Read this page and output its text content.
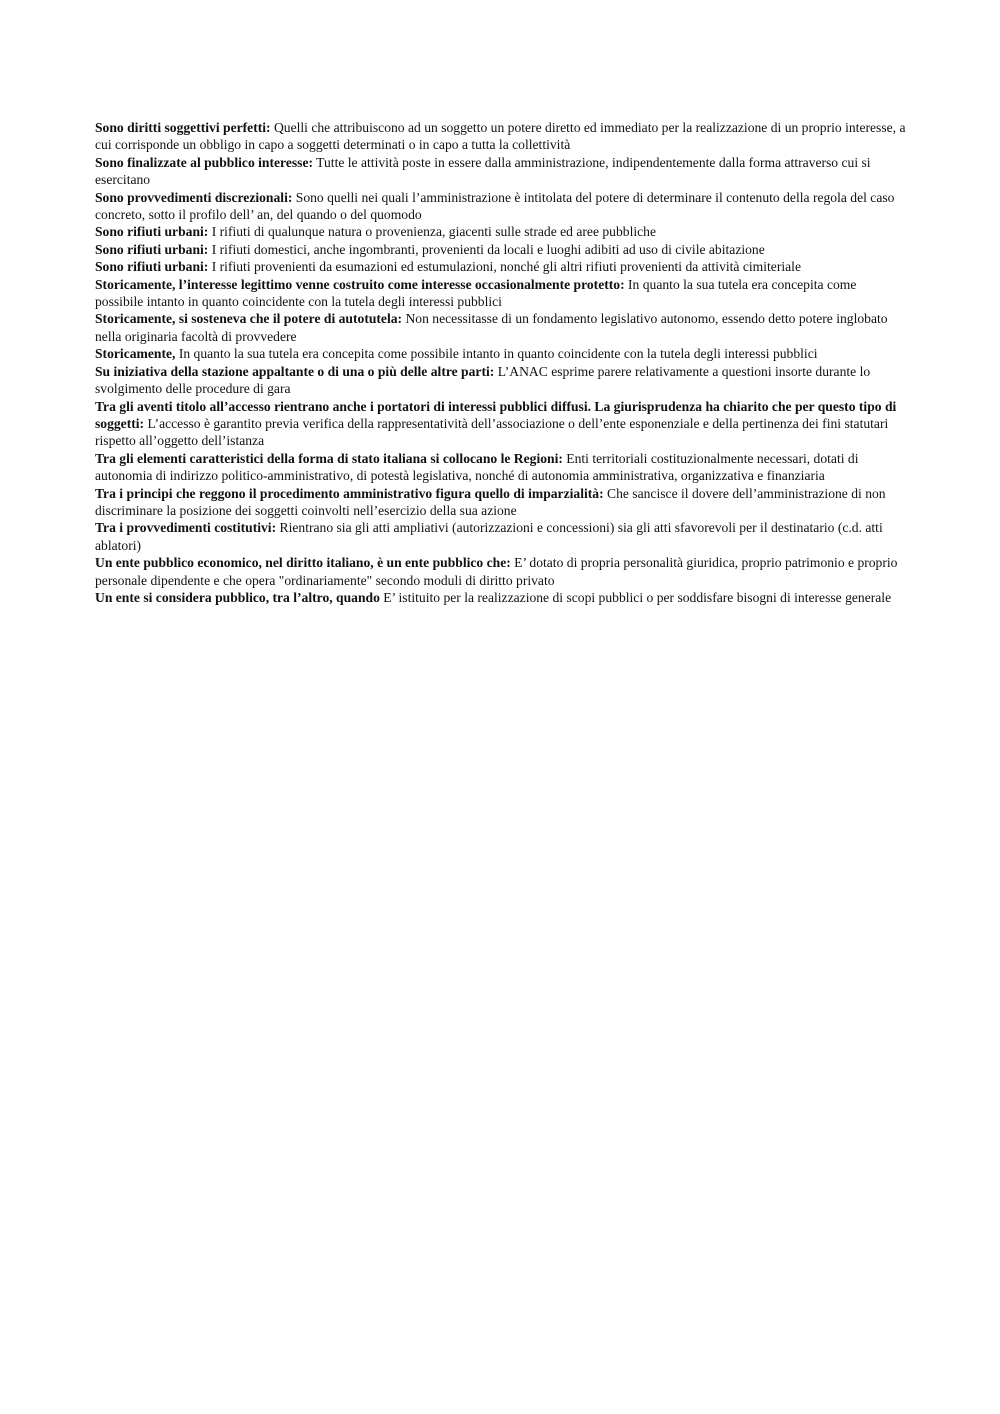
Sono diritti soggettivi perfetti: Quelli che attribuiscono ad un soggetto un potere diretto ed immediato per la realizzazione di un proprio interesse, a cui corrisponde un obbligo in capo a soggetti determinati o in capo a tutta la collettività

Sono finalizzate al pubblico interesse: Tutte le attività poste in essere dalla amministrazione, indipendentemente dalla forma attraverso cui si esercitano

Sono provvedimenti discrezionali: Sono quelli nei quali l’amministrazione è intitolata del potere di determinare il contenuto della regola del caso concreto, sotto il profilo dell’ an, del quando o del quomodo

Sono rifiuti urbani: I rifiuti di qualunque natura o provenienza, giacenti sulle strade ed aree pubbliche

Sono rifiuti urbani: I rifiuti domestici, anche ingombranti, provenienti da locali e luoghi adibiti ad uso di civile abitazione

Sono rifiuti urbani: I rifiuti provenienti da esumazioni ed estumulazioni, nonché gli altri rifiuti provenienti da attività cimiteriale

Storicamente, l’interesse legittimo venne costruito come interesse occasionalmente protetto: In quanto la sua tutela era concepita come possibile intanto in quanto coincidente con la tutela degli interessi pubblici

Storicamente, si sosteneva che il potere di autotutela: Non necessitasse di un fondamento legislativo autonomo, essendo detto potere inglobato nella originaria facoltà di provvedere

Storicamente, In quanto la sua tutela era concepita come possibile intanto in quanto coincidente con la tutela degli interessi pubblici

Su iniziativa della stazione appaltante o di una o più delle altre parti: L’ANAC esprime parere relativamente a questioni insorte durante lo svolgimento delle procedure di gara

Tra gli aventi titolo all’accesso rientrano anche i portatori di interessi pubblici diffusi. La giurisprudenza ha chiarito che per questo tipo di soggetti: L’accesso è garantito previa verifica della rappresentatività dell’associazione o dell’ente esponenziale e della pertinenza dei fini statutari rispetto all’oggetto dell’istanza

Tra gli elementi caratteristici della forma di stato italiana si collocano le Regioni: Enti territoriali costituzionalmente necessari, dotati di autonomia di indirizzo politico-amministrativo, di potestà legislativa, nonché di autonomia amministrativa, organizzativa e finanziaria

Tra i principi che reggono il procedimento amministrativo figura quello di imparzialità: Che sancisce il dovere dell’amministrazione di non discriminare la posizione dei soggetti coinvolti nell’esercizio della sua azione

Tra i provvedimenti costitutivi: Rientrano sia gli atti ampliativi (autorizzazioni e concessioni) sia gli atti sfavorevoli per il destinatario (c.d. atti ablatori)

Un ente pubblico economico, nel diritto italiano, è un ente pubblico che: E’ dotato di propria personalità giuridica, proprio patrimonio e proprio personale dipendente e che opera "ordinariamente" secondo moduli di diritto privato

Un ente si considera pubblico, tra l’altro, quando E’ istituito per la realizzazione di scopi pubblici o per soddisfare bisogni di interesse generale
